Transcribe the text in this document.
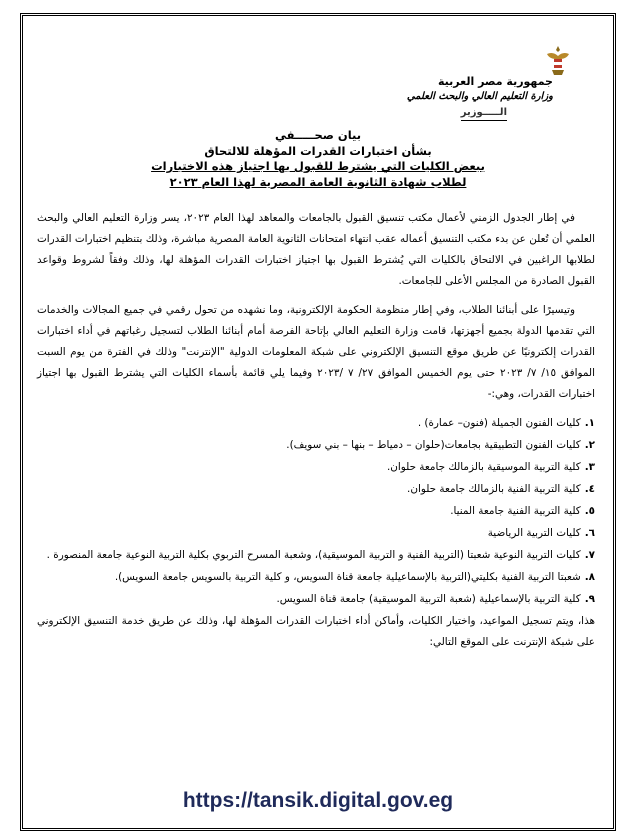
جمهورية مصر العربية
وزارة التعليم العالي والبحث العلمي
الـــــوزير
بيان صحـــــفي
بشأن اختبارات القدرات المؤهلة للالتحاق
ببعض الكليات التي يشترط للقبول بها اجتياز هذه الاختبارات
لطلاب شهادة الثانوية العامة المصرية لهذا العام ٢٠٢٣

في إطار الجدول الزمني لأعمال مكتب تنسيق القبول بالجامعات والمعاهد لهذا العام ٢٠٢٣، يسر وزارة التعليم العالي والبحث العلمي أن تُعلن عن بدء مكتب التنسيق أعماله عقب انتهاء امتحانات الثانوية العامة المصرية مباشرة، وذلك بتنظيم اختبارات القدرات لطلابها الراغبين في الالتحاق بالكليات التي يُشترط القبول بها اجتياز اختبارات القدرات المؤهلة لها، وذلك وفقاً لشروط وقواعد القبول الصادرة من المجلس الأعلى للجامعات.

وتيسيرًا على أبنائنا الطلاب، وفي إطار منظومة الحكومة الإلكترونية، وما نشهده من تحول رقمي في جميع المجالات والخدمات التي تقدمها الدولة بجميع أجهزتها، قامت وزارة التعليم العالي بإتاحة الفرصة أمام أبنائنا الطلاب لتسجيل رغباتهم في أداء اختبارات القدرات إلكترونيًا عن طريق موقع التنسيق الإلكتروني على شبكة المعلومات الدولية "الإنترنت" وذلك في الفترة من يوم السبت الموافق ١٥/ ٧/ ٢٠٢٣ حتى يوم الخميس الموافق ٢٧/ ٧ /٢٠٢٣ وفيما يلي قائمة بأسماء الكليات التي يشترط القبول بها اجتياز اختبارات القدرات، وهي:-

١.كليات الفنون الجميلة (فنون– عمارة) .
٢.كليات الفنون التطبيقية بجامعات(حلوان – دمياط – بنها – بني سويف).
٣.كلية التربية الموسيقية بالزمالك جامعة حلوان.
٤.كلية التربية الفنية بالزمالك جامعة حلوان.
٥.كلية التربية الفنية جامعة المنيا.
٦.كليات التربية الرياضية
٧.كليات التربية النوعية شعبتا (التربية الفنية و التربية الموسيقية)، وشعبة المسرح التربوي بكلية التربية النوعية جامعة المنصورة .
٨.شعبتا التربية الفنية بكليتي(التربية بالإسماعيلية جامعة قناة السويس، و كلية التربية بالسويس جامعة السويس).
٩.كلية التربية بالإسماعيلية (شعبة التربية الموسيقية) جامعة قناة السويس.
هذا، ويتم تسجيل المواعيد، واختيار الكليات، وأماكن أداء اختبارات القدرات المؤهلة لها، وذلك عن طريق خدمة التنسيق الإلكتروني على شبكة الإنترنت على الموقع التالي:
https://tansik.digital.gov.eg
